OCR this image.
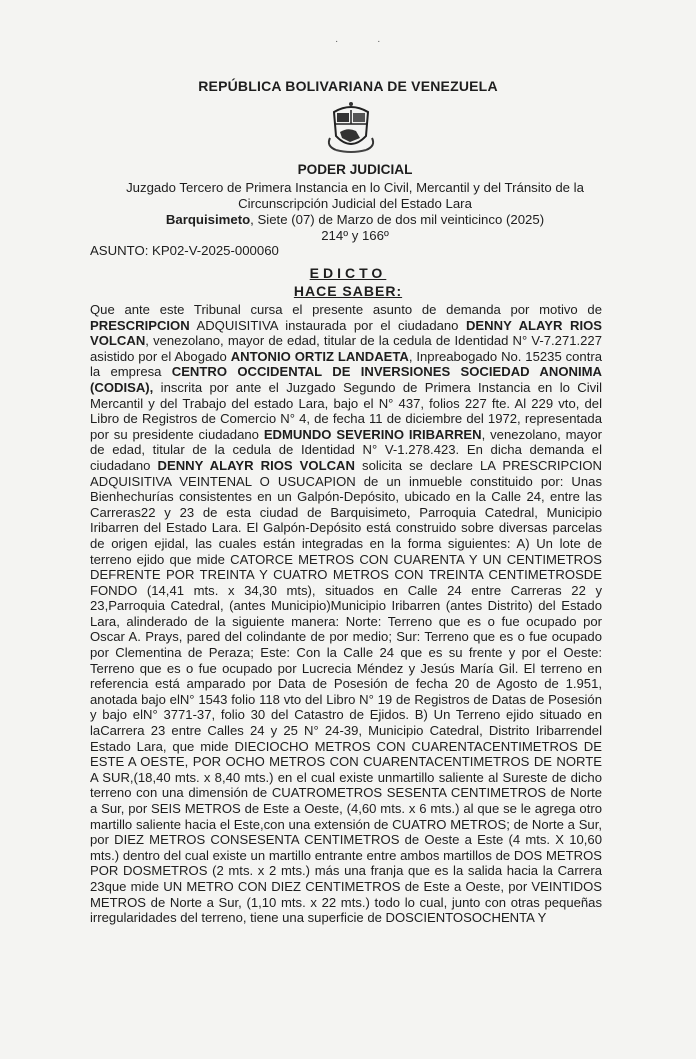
· ·
REPÚBLICA BOLIVARIANA DE VENEZUELA
PODER JUDICIAL
Juzgado Tercero de Primera Instancia en lo Civil, Mercantil y del Tránsito de la
Circunscripción Judicial del Estado Lara
Barquisimeto, Siete (07) de Marzo de dos mil veinticinco (2025)
214º y 166º
ASUNTO: KP02-V-2025-000060
EDICTO
HACE SABER:
Que ante este Tribunal cursa el presente asunto de demanda por motivo de PRESCRIPCION ADQUISITIVA instaurada por el ciudadano DENNY ALAYR RIOS VOLCAN, venezolano, mayor de edad, titular de la cedula de Identidad N° V-7.271.227 asistido por el Abogado ANTONIO ORTIZ LANDAETA, Inpreabogado No. 15235 contra la empresa CENTRO OCCIDENTAL DE INVERSIONES SOCIEDAD ANONIMA (CODISA), inscrita por ante el Juzgado Segundo de Primera Instancia en lo Civil Mercantil y del Trabajo del estado Lara, bajo el N° 437, folios 227 fte. Al 229 vto, del Libro de Registros de Comercio N° 4, de fecha 11 de diciembre del 1972, representada por su presidente ciudadano EDMUNDO SEVERINO IRIBARREN, venezolano, mayor de edad, titular de la cedula de Identidad N° V-1.278.423. En dicha demanda el ciudadano DENNY ALAYR RIOS VOLCAN solicita se declare LA PRESCRIPCION ADQUISITIVA VEINTENAL O USUCAPION de un inmueble constituido por: Unas Bienhechurías consistentes en un Galpón-Depósito, ubicado en la Calle 24, entre las Carreras22 y 23 de esta ciudad de Barquisimeto, Parroquia Catedral, Municipio Iribarren del Estado Lara. El Galpón-Depósito está construido sobre diversas parcelas de origen ejidal, las cuales están integradas en la forma siguientes: A) Un lote de terreno ejido que mide CATORCE METROS CON CUARENTA Y UN CENTIMETROS DEFRENTE POR TREINTA Y CUATRO METROS CON TREINTA CENTIMETROSDE FONDO (14,41 mts. x 34,30 mts), situados en Calle 24 entre Carreras 22 y 23,Parroquia Catedral, (antes Municipio)Municipio Iribarren (antes Distrito) del Estado Lara, alinderado de la siguiente manera: Norte: Terreno que es o fue ocupado por Oscar A. Prays, pared del colindante de por medio; Sur: Terreno que es o fue ocupado por Clementina de Peraza; Este: Con la Calle 24 que es su frente y por el Oeste: Terreno que es o fue ocupado por Lucrecia Méndez y Jesús María Gil. El terreno en referencia está amparado por Data de Posesión de fecha 20 de Agosto de 1.951, anotada bajo elN° 1543 folio 118 vto del Libro N° 19 de Registros de Datas de Posesión y bajo elN° 3771-37, folio 30 del Catastro de Ejidos. B) Un Terreno ejido situado en laCarrera 23 entre Calles 24 y 25 N° 24-39, Municipio Catedral, Distrito Iribarrendel Estado Lara, que mide DIECIOCHO METROS CON CUARENTACENTIMETROS DE ESTE A OESTE, POR OCHO METROS CON CUARENTACENTIMETROS DE NORTE A SUR,(18,40 mts. x 8,40 mts.) en el cual existe unmartillo saliente al Sureste de dicho terreno con una dimensión de CUATROMETROS SESENTA CENTIMETROS de Norte a Sur, por SEIS METROS de Este a Oeste, (4,60 mts. x 6 mts.) al que se le agrega otro martillo saliente hacia el Este,con una extensión de CUATRO METROS; de Norte a Sur, por DIEZ METROS CONSESENTA CENTIMETROS de Oeste a Este (4 mts. X 10,60 mts.) dentro del cual existe un martillo entrante entre ambos martillos de DOS METROS POR DOSMETROS (2 mts. x 2 mts.) más una franja que es la salida hacia la Carrera 23que mide UN METRO CON DIEZ CENTIMETROS de Este a Oeste, por VEINTIDOS METROS de Norte a Sur, (1,10 mts. x 22 mts.) todo lo cual, junto con otras pequeñas irregularidades del terreno, tiene una superficie de DOSCIENTOSOCHENTA Y
